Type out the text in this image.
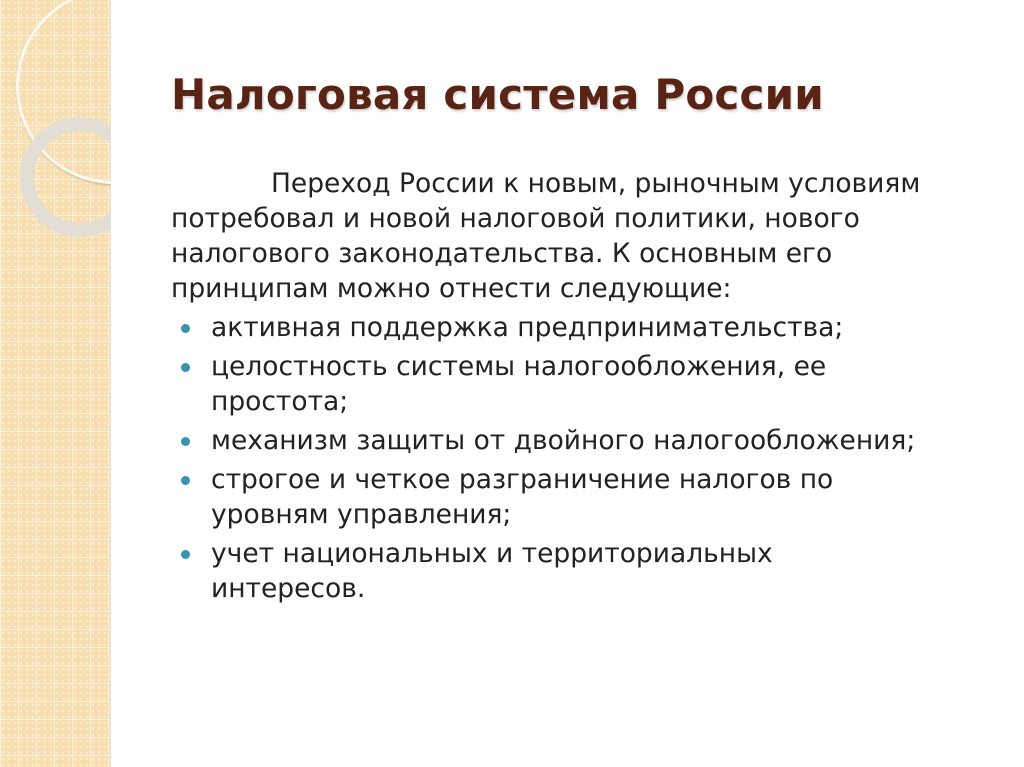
Налоговая система России
Переход России к новым, рыночным условиям
потребовал и новой налоговой политики, нового
налогового законодательства. К основным его
принципам можно отнести следующие:
активная поддержка предпринимательства;
целостность системы налогообложения, ее
простота;
механизм защиты от двойного налогообложения;
строгое и четкое разграничение налогов по
уровням управления;
учет национальных и территориальных
интересов.
